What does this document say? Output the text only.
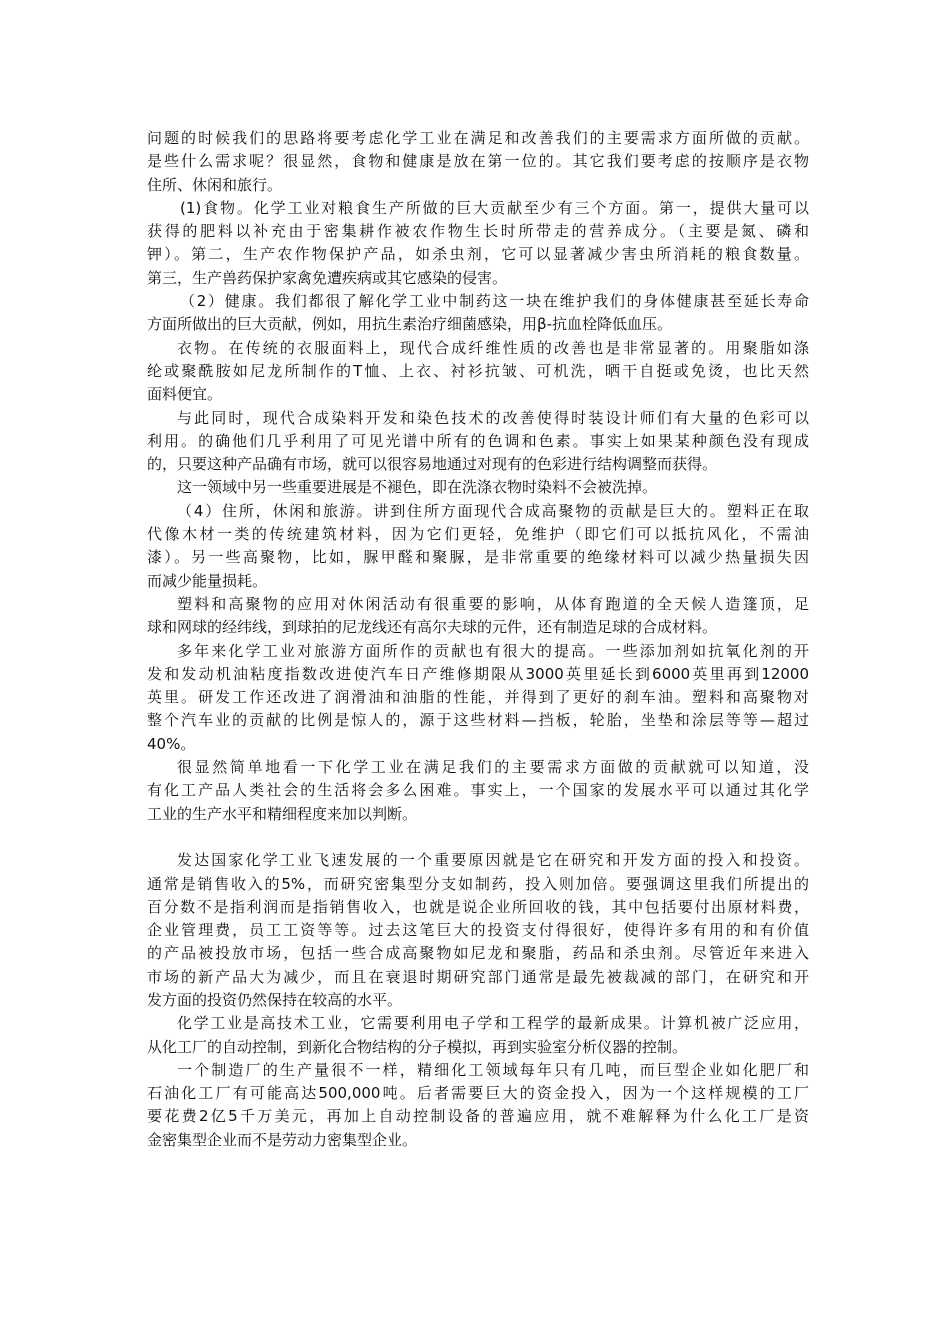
问题的时候我们的思路将要考虑化学工业在满足和改善我们的主要需求方面所做的贡献。
是些什么需求呢？很显然，食物和健康是放在第一位的。其它我们要考虑的按顺序是衣物
住所、休闲和旅行。
(1)食物。化学工业对粮食生产所做的巨大贡献至少有三个方面。第一，提供大量可以
获得的肥料以补充由于密集耕作被农作物生长时所带走的营养成分。（主要是氮、磷和
钾）。第二，生产农作物保护产品，如杀虫剂，它可以显著减少害虫所消耗的粮食数量。
第三，生产兽药保护家禽免遭疾病或其它感染的侵害。
（2）健康。我们都很了解化学工业中制药这一块在维护我们的身体健康甚至延长寿命
方面所做出的巨大贡献，例如，用抗生素治疗细菌感染，用β-抗血栓降低血压。
衣物。在传统的衣服面料上，现代合成纤维性质的改善也是非常显著的。用聚脂如涤
纶或聚酰胺如尼龙所制作的T恤、上衣、衬衫抗皱、可机洗，晒干自挺或免烫，也比天然
面料便宜。
与此同时，现代合成染料开发和染色技术的改善使得时装设计师们有大量的色彩可以
利用。的确他们几乎利用了可见光谱中所有的色调和色素。事实上如果某种颜色没有现成
的，只要这种产品确有市场，就可以很容易地通过对现有的色彩进行结构调整而获得。
这一领域中另一些重要进展是不褪色，即在洗涤衣物时染料不会被洗掉。
（4）住所，休闲和旅游。讲到住所方面现代合成高聚物的贡献是巨大的。塑料正在取
代像木材一类的传统建筑材料，因为它们更轻，免维护（即它们可以抵抗风化，不需油
漆）。另一些高聚物，比如，脲甲醛和聚脲，是非常重要的绝缘材料可以减少热量损失因
而减少能量损耗。
塑料和高聚物的应用对休闲活动有很重要的影响，从体育跑道的全天候人造篷顶，足
球和网球的经纬线，到球拍的尼龙线还有高尔夫球的元件，还有制造足球的合成材料。
多年来化学工业对旅游方面所作的贡献也有很大的提高。一些添加剂如抗氧化剂的开
发和发动机油粘度指数改进使汽车日产维修期限从3000英里延长到6000英里再到12000
英里。研发工作还改进了润滑油和油脂的性能，并得到了更好的刹车油。塑料和高聚物对
整个汽车业的贡献的比例是惊人的，源于这些材料—挡板，轮胎，坐垫和涂层等等—超过
40%。
很显然简单地看一下化学工业在满足我们的主要需求方面做的贡献就可以知道，没
有化工产品人类社会的生活将会多么困难。事实上，一个国家的发展水平可以通过其化学
工业的生产水平和精细程度来加以判断。

发达国家化学工业飞速发展的一个重要原因就是它在研究和开发方面的投入和投资。
通常是销售收入的5%，而研究密集型分支如制药，投入则加倍。要强调这里我们所提出的
百分数不是指利润而是指销售收入，也就是说企业所回收的钱，其中包括要付出原材料费，
企业管理费，员工工资等等。过去这笔巨大的投资支付得很好，使得许多有用的和有价值
的产品被投放市场，包括一些合成高聚物如尼龙和聚脂，药品和杀虫剂。尽管近年来进入
市场的新产品大为减少，而且在衰退时期研究部门通常是最先被裁减的部门，在研究和开
发方面的投资仍然保持在较高的水平。
化学工业是高技术工业，它需要利用电子学和工程学的最新成果。计算机被广泛应用，
从化工厂的自动控制，到新化合物结构的分子模拟，再到实验室分析仪器的控制。
一个制造厂的生产量很不一样，精细化工领域每年只有几吨，而巨型企业如化肥厂和
石油化工厂有可能高达500,000吨。后者需要巨大的资金投入，因为一个这样规模的工厂
要花费2亿5千万美元，再加上自动控制设备的普遍应用，就不难解释为什么化工厂是资
金密集型企业而不是劳动力密集型企业。
